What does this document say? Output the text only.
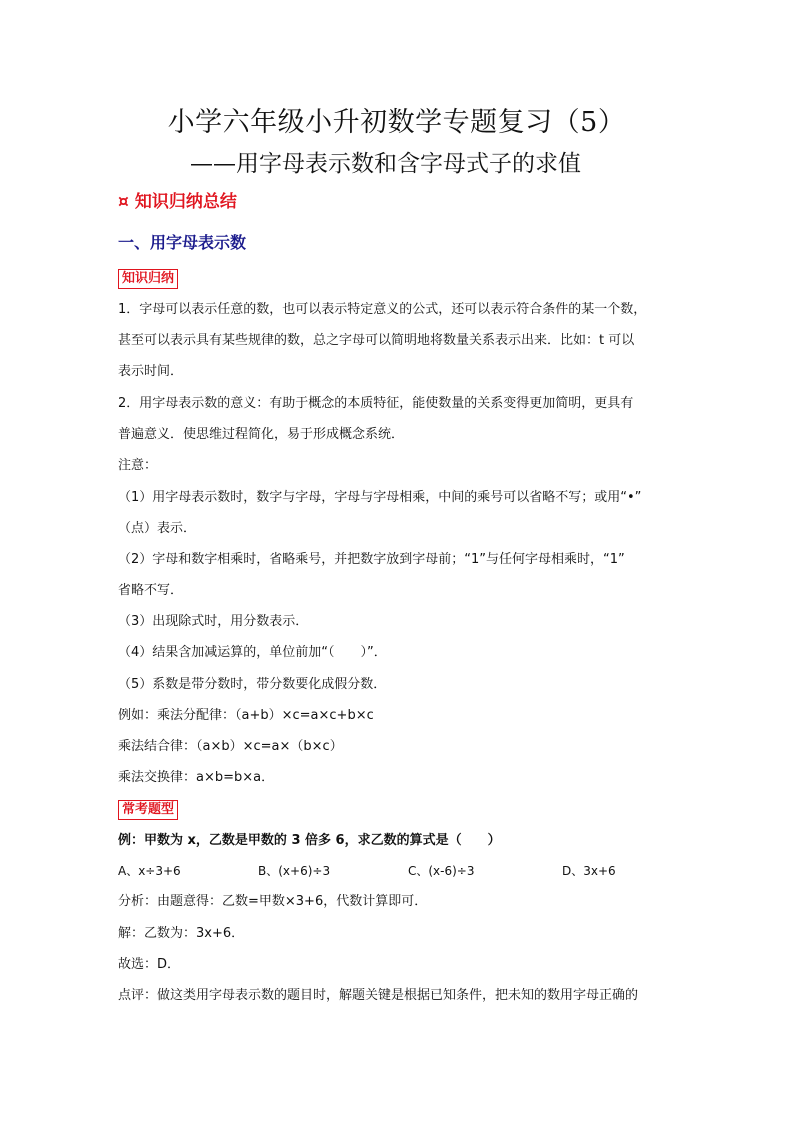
小学六年级小升初数学专题复习（5）
——用字母表示数和含字母式子的求值
¤ 知识归纳总结
一、用字母表示数
知识归纳

1．字母可以表示任意的数，也可以表示特定意义的公式，还可以表示符合条件的某一个数，

甚至可以表示具有某些规律的数，总之字母可以简明地将数量关系表示出来．比如：t 可以

表示时间．

2．用字母表示数的意义：有助于概念的本质特征，能使数量的关系变得更加简明，更具有

普遍意义．使思维过程简化，易于形成概念系统．

注意：

（1）用字母表示数时，数字与字母，字母与字母相乘，中间的乘号可以省略不写；或用“•”

（点）表示．

（2）字母和数字相乘时，省略乘号，并把数字放到字母前；“1”与任何字母相乘时，“1”

省略不写．

（3）出现除式时，用分数表示．

（4）结果含加减运算的，单位前加“（　　）”．

（5）系数是带分数时，带分数要化成假分数．

例如：乘法分配律：（a+b）×c=a×c+b×c

乘法结合律：（a×b）×c=a×（b×c）

乘法交换律：a×b=b×a．

常考题型

例：甲数为 x，乙数是甲数的 3 倍多 6，求乙数的算式是（　　）

A、x÷3+6	B、(x+6)÷3	C、(x-6)÷3	D、3x+6

分析：由题意得：乙数=甲数×3+6，代数计算即可．

解：乙数为：3x+6．

故选：D．

点评：做这类用字母表示数的题目时，解题关键是根据已知条件，把未知的数用字母正确的
